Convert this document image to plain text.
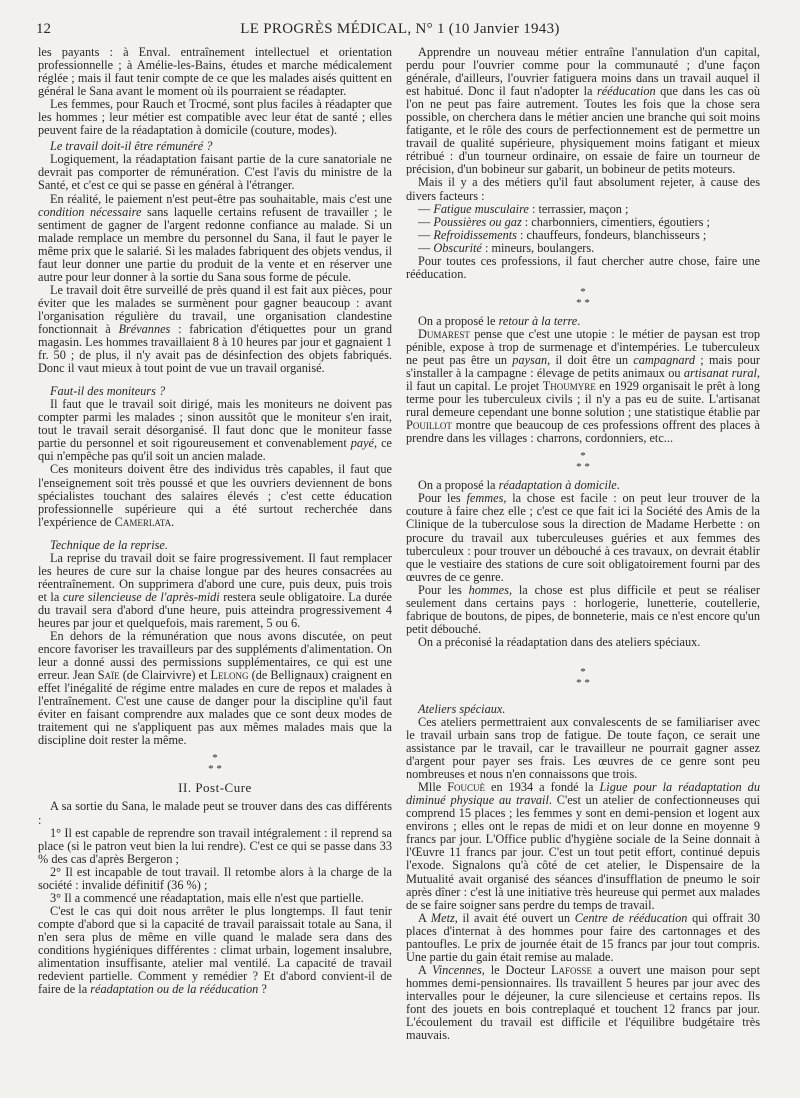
12	LE PROGRÈS MÉDICAL, N° 1 (10 Janvier 1943)

les payants : à Enval. entraînement intellectuel et orientation professionnelle ; à Amélie-les-Bains, études et marche médicalement réglée ; mais il faut tenir compte de ce que les malades aisés quittent en général le Sana avant le moment où ils pourraient se réadapter.

Les femmes, pour Rauch et Trocmé, sont plus faciles à réadapter que les hommes ; leur métier est compatible avec leur état de santé ; elles peuvent faire de la réadaptation à domicile (couture, modes).

Le travail doit-il être rémunéré ?

Logiquement, la réadaptation faisant partie de la cure sanatoriale ne devrait pas comporter de rémunération. C'est l'avis du ministre de la Santé, et c'est ce qui se passe en général à l'étranger.

En réalité, le paiement n'est peut-être pas souhaitable, mais c'est une condition nécessaire sans laquelle certains refusent de travailler ; le sentiment de gagner de l'argent redonne confiance au malade. Si un malade remplace un membre du personnel du Sana, il faut le payer le même prix que le salarié. Si les malades fabriquent des objets vendus, il faut leur donner une partie du produit de la vente et en réserver une autre pour leur donner à la sortie du Sana sous forme de pécule.

Le travail doit être surveillé de près quand il est fait aux pièces, pour éviter que les malades se surmènent pour gagner beaucoup : avant l'organisation régulière du travail, une organisation clandestine fonctionnait à Brévannes : fabrication d'étiquettes pour un grand magasin. Les hommes travaillaient 8 à 10 heures par jour et gagnaient 1 fr. 50 ; de plus, il n'y avait pas de désinfection des objets fabriqués. Donc il vaut mieux à tout point de vue un travail organisé.

Faut-il des moniteurs ?

Il faut que le travail soit dirigé, mais les moniteurs ne doivent pas compter parmi les malades ; sinon aussitôt que le moniteur s'en irait, tout le travail serait désorganisé. Il faut donc que le moniteur fasse partie du personnel et soit rigoureusement et convenablement payé, ce qui n'empêche pas qu'il soit un ancien malade.

Ces moniteurs doivent être des individus très capables, il faut que l'enseignement soit très poussé et que les ouvriers deviennent de bons spécialistes touchant des salaires élevés ; c'est cette éducation professionnelle supérieure qui a été surtout recherchée dans l'expérience de Camerlata.

Technique de la reprise.

La reprise du travail doit se faire progressivement. Il faut remplacer les heures de cure sur la chaise longue par des heures consacrées au réentraînement. On supprimera d'abord une cure, puis deux, puis trois et la cure silencieuse de l'après-midi restera seule obligatoire. La durée du travail sera d'abord d'une heure, puis atteindra progressivement 4 heures par jour et quelquefois, mais rarement, 5 ou 6.

En dehors de la rémunération que nous avons discutée, on peut encore favoriser les travailleurs par des suppléments d'alimentation. On leur a donné aussi des permissions supplémentaires, ce qui est une erreur. Jean Saïe (de Clairvivre) et Lelong (de Bellignaux) craignent en effet l'inégalité de régime entre malades en cure de repos et malades à l'entraînement. C'est une cause de danger pour la discipline qu'il faut éviter en faisant comprendre aux malades que ce sont deux modes de traitement qui ne s'appliquent pas aux mêmes malades mais que la discipline doit rester la même.

*
* *
II. Post-Cure

A sa sortie du Sana, le malade peut se trouver dans des cas différents :

1° Il est capable de reprendre son travail intégralement : il reprend sa place (si le patron veut bien la lui rendre). C'est ce qui se passe dans 33 % des cas d'après Bergeron ;

2° Il est incapable de tout travail. Il retombe alors à la charge de la société : invalide définitif (36 %) ;

3° Il a commencé une réadaptation, mais elle n'est que partielle.

C'est le cas qui doit nous arrêter le plus longtemps. Il faut tenir compte d'abord que si la capacité de travail paraissait totale au Sana, il n'en sera plus de même en ville quand le malade sera dans des conditions hygiéniques différentes : climat urbain, logement insalubre, alimentation insuffisante, atelier mal ventilé. La capacité de travail redevient partielle. Comment y remédier ? Et d'abord convient-il de faire de la réadaptation ou de la rééducation ?

Apprendre un nouveau métier entraîne l'annulation d'un capital, perdu pour l'ouvrier comme pour la communauté ; d'une façon générale, d'ailleurs, l'ouvrier fatiguera moins dans un travail auquel il est habitué. Donc il faut n'adopter la rééducation que dans les cas où l'on ne peut pas faire autrement. Toutes les fois que la chose sera possible, on cherchera dans le métier ancien une branche qui soit moins fatigante, et le rôle des cours de perfectionnement est de permettre un travail de qualité supérieure, physiquement moins fatigant et mieux rétribué : d'un tourneur ordinaire, on essaie de faire un tourneur de précision, d'un bobineur sur gabarit, un bobineur de petits moteurs.

Mais il y a des métiers qu'il faut absolument rejeter, à cause des divers facteurs :

— Fatigue musculaire : terrassier, maçon ;

— Poussières ou gaz : charbonniers, cimentiers, égoutiers ;

— Refroidissements : chauffeurs, fondeurs, blanchisseurs ;

— Obscurité : mineurs, boulangers.

Pour toutes ces professions, il faut chercher autre chose, faire une rééducation.

*
* *

On a proposé le retour à la terre.

Dumarest pense que c'est une utopie : le métier de paysan est trop pénible, expose à trop de surmenage et d'intempéries. Le tuberculeux ne peut pas être un paysan, il doit être un campagnard ; mais pour s'installer à la campagne : élevage de petits animaux ou artisanat rural, il faut un capital. Le projet Thoumyre en 1929 organisait le prêt à long terme pour les tuberculeux civils ; il n'y a pas eu de suite. L'artisanat rural demeure cependant une bonne solution ; une statistique établie par Pouillot montre que beaucoup de ces professions offrent des places à prendre dans les villages : charrons, cordonniers, etc...

*
* *

On a proposé la réadaptation à domicile.

Pour les femmes, la chose est facile : on peut leur trouver de la couture à faire chez elle ; c'est ce que fait ici la Société des Amis de la Clinique de la tuberculose sous la direction de Madame Herbette : on procure du travail aux tuberculeuses guéries et aux femmes des tuberculeux : pour trouver un débouché à ces travaux, on devrait établir que le vestiaire des stations de cure soit obligatoirement fourni par des œuvres de ce genre.

Pour les hommes, la chose est plus difficile et peut se réaliser seulement dans certains pays : horlogerie, lunetterie, coutellerie, fabrique de boutons, de pipes, de bonneterie, mais ce n'est encore qu'un petit débouché.

On a préconisé la réadaptation dans des ateliers spéciaux.

*
* *

Ateliers spéciaux.

Ces ateliers permettraient aux convalescents de se familiariser avec le travail urbain sans trop de fatigue. De toute façon, ce serait une assistance par le travail, car le travailleur ne pourrait gagner assez d'argent pour payer ses frais. Les œuvres de ce genre sont peu nombreuses et nous n'en connaissons que trois.

Mlle Foucuè en 1934 a fondé la Ligue pour la réadaptation du diminué physique au travail. C'est un atelier de confectionneuses qui comprend 15 places ; les femmes y sont en demi-pension et logent aux environs ; elles ont le repas de midi et on leur donne en moyenne 9 francs par jour. L'Office public d'hygiène sociale de la Seine donnait à l'Œuvre 11 francs par jour. C'est un tout petit effort, continué depuis l'exode. Signalons qu'à côté de cet atelier, le Dispensaire de la Mutualité avait organisé des séances d'insufflation de pneumo le soir après dîner : c'est là une initiative très heureuse qui permet aux malades de se faire soigner sans perdre du temps de travail.

A Metz, il avait été ouvert un Centre de rééducation qui offrait 30 places d'internat à des hommes pour faire des cartonnages et des pantoufles. Le prix de journée était de 15 francs par jour tout compris. Une partie du gain était remise au malade.

A Vincennes, le Docteur Lafosse a ouvert une maison pour sept hommes demi-pensionnaires. Ils travaillent 5 heures par jour avec des intervalles pour le déjeuner, la cure silencieuse et certains repos. Ils font des jouets en bois contreplaqué et touchent 12 francs par jour. L'écoulement du travail est difficile et l'équilibre budgétaire très mauvais.
